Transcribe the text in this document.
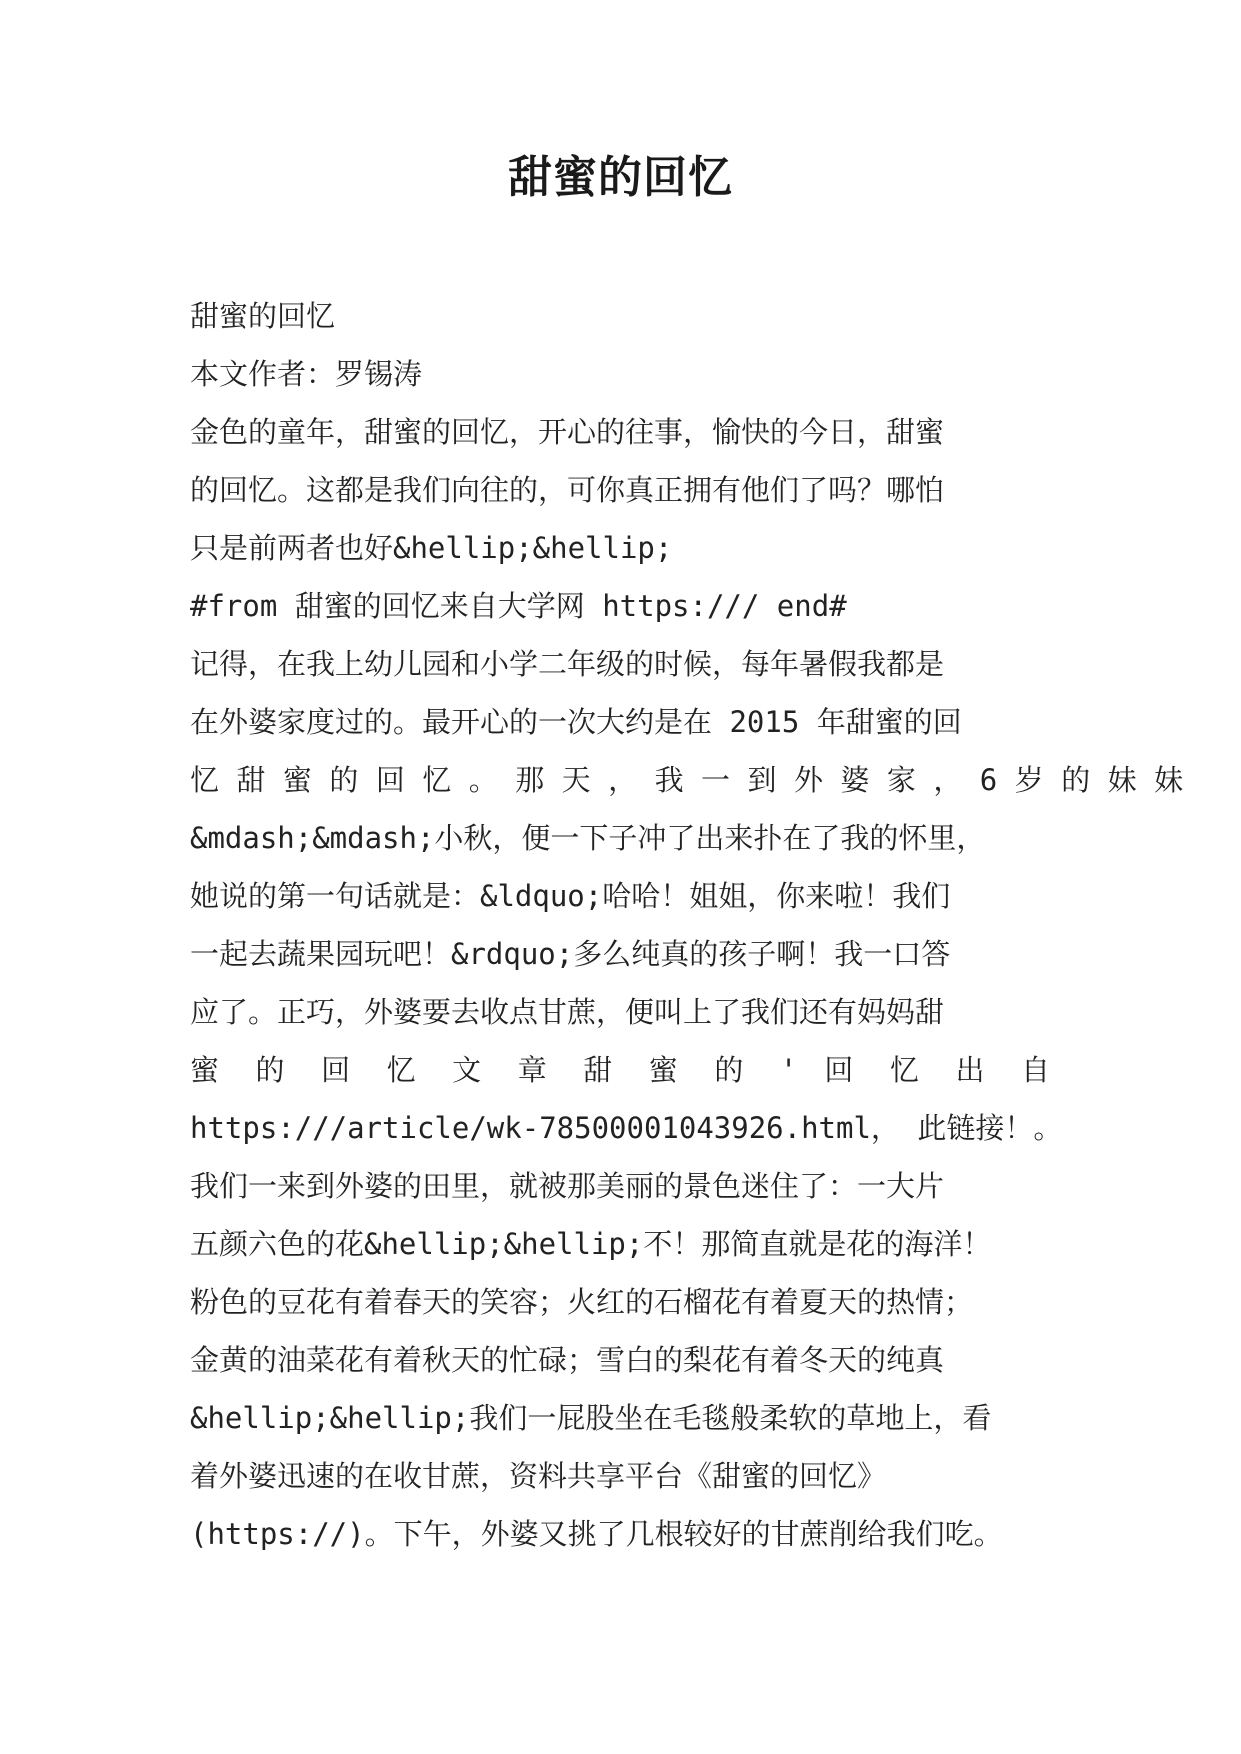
甜蜜的回忆
甜蜜的回忆
本文作者：罗锡涛
金色的童年，甜蜜的回忆，开心的往事，愉快的今日，甜蜜
的回忆。这都是我们向往的，可你真正拥有他们了吗？哪怕
只是前两者也好&hellip;&hellip;
#from 甜蜜的回忆来自大学网 https:/// end#
记得，在我上幼儿园和小学二年级的时候，每年暑假我都是
在外婆家度过的。最开心的一次大约是在 2015 年甜蜜的回
忆 甜 蜜 的 回 忆 。 那 天 ， 我 一 到 外 婆 家 ， 6 岁 的 妹 妹
&mdash;&mdash;小秋，便一下子冲了出来扑在了我的怀里，
她说的第一句话就是：&ldquo;哈哈！姐姐，你来啦！我们
一起去蔬果园玩吧！&rdquo;多么纯真的孩子啊！我一口答
应了。正巧，外婆要去收点甘蔗，便叫上了我们还有妈妈甜
蜜 的 回 忆 文 章 甜 蜜 的 ' 回 忆 出 自
https:///article/wk-78500001043926.html， 此链接！。
我们一来到外婆的田里，就被那美丽的景色迷住了：一大片
五颜六色的花&hellip;&hellip;不！那简直就是花的海洋！
粉色的豆花有着春天的笑容；火红的石榴花有着夏天的热情；
金黄的油菜花有着秋天的忙碌；雪白的梨花有着冬天的纯真
&hellip;&hellip;我们一屁股坐在毛毯般柔软的草地上，看
着外婆迅速的在收甘蔗，资料共享平台《甜蜜的回忆》
(https://)。下午，外婆又挑了几根较好的甘蔗削给我们吃。
